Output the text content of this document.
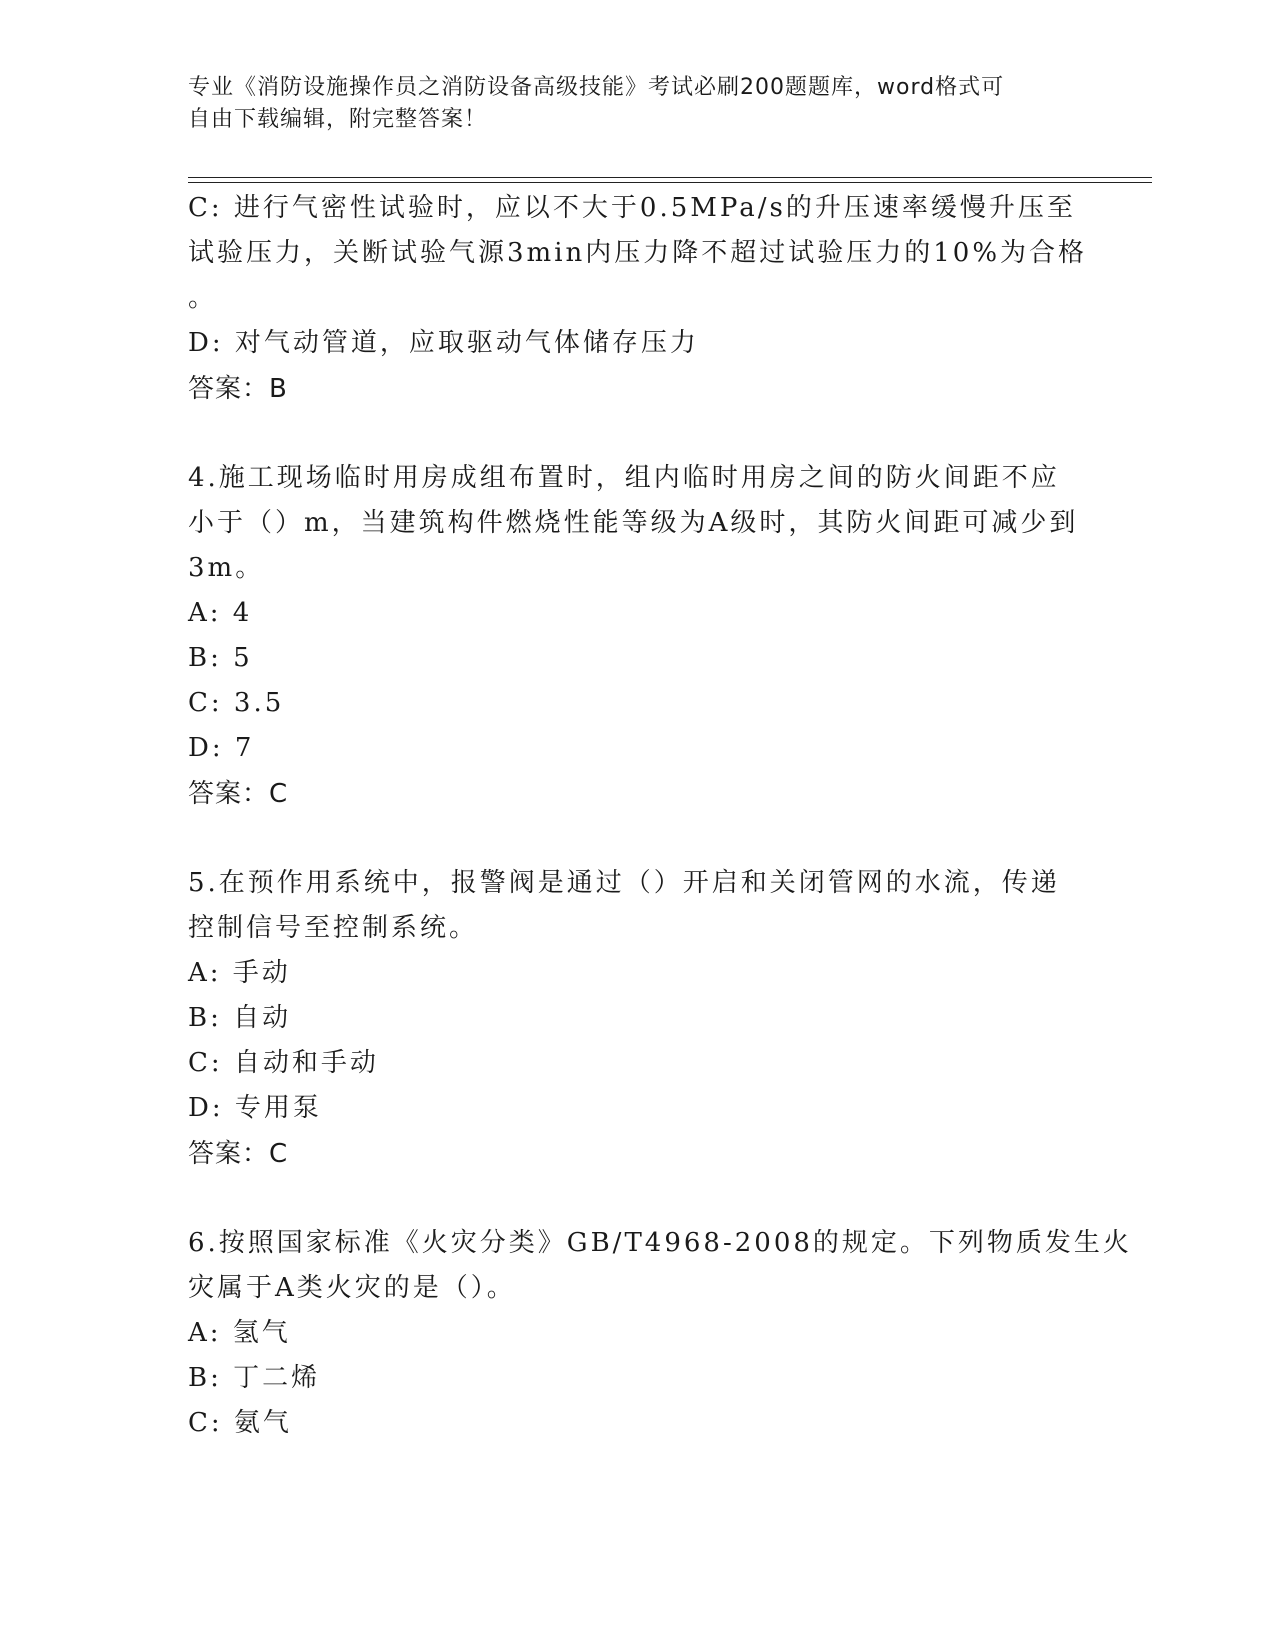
专业《消防设施操作员之消防设备高级技能》考试必刷200题题库，word格式可
自由下载编辑，附完整答案！
C: 进行气密性试验时，应以不大于0.5MPa/s的升压速率缓慢升压至
试验压力，关断试验气源3min内压力降不超过试验压力的10%为合格
。
D: 对气动管道，应取驱动气体储存压力
答案：B
4.施工现场临时用房成组布置时，组内临时用房之间的防火间距不应
小于（）m，当建筑构件燃烧性能等级为A级时，其防火间距可减少到
3m。
A: 4
B: 5
C: 3.5
D: 7
答案：C
5.在预作用系统中，报警阀是通过（）开启和关闭管网的水流，传递
控制信号至控制系统。
A: 手动
B: 自动
C: 自动和手动
D: 专用泵
答案：C
6.按照国家标准《火灾分类》GB/T4968-2008的规定。下列物质发生火
灾属于A类火灾的是（）。
A: 氢气
B: 丁二烯
C: 氨气
